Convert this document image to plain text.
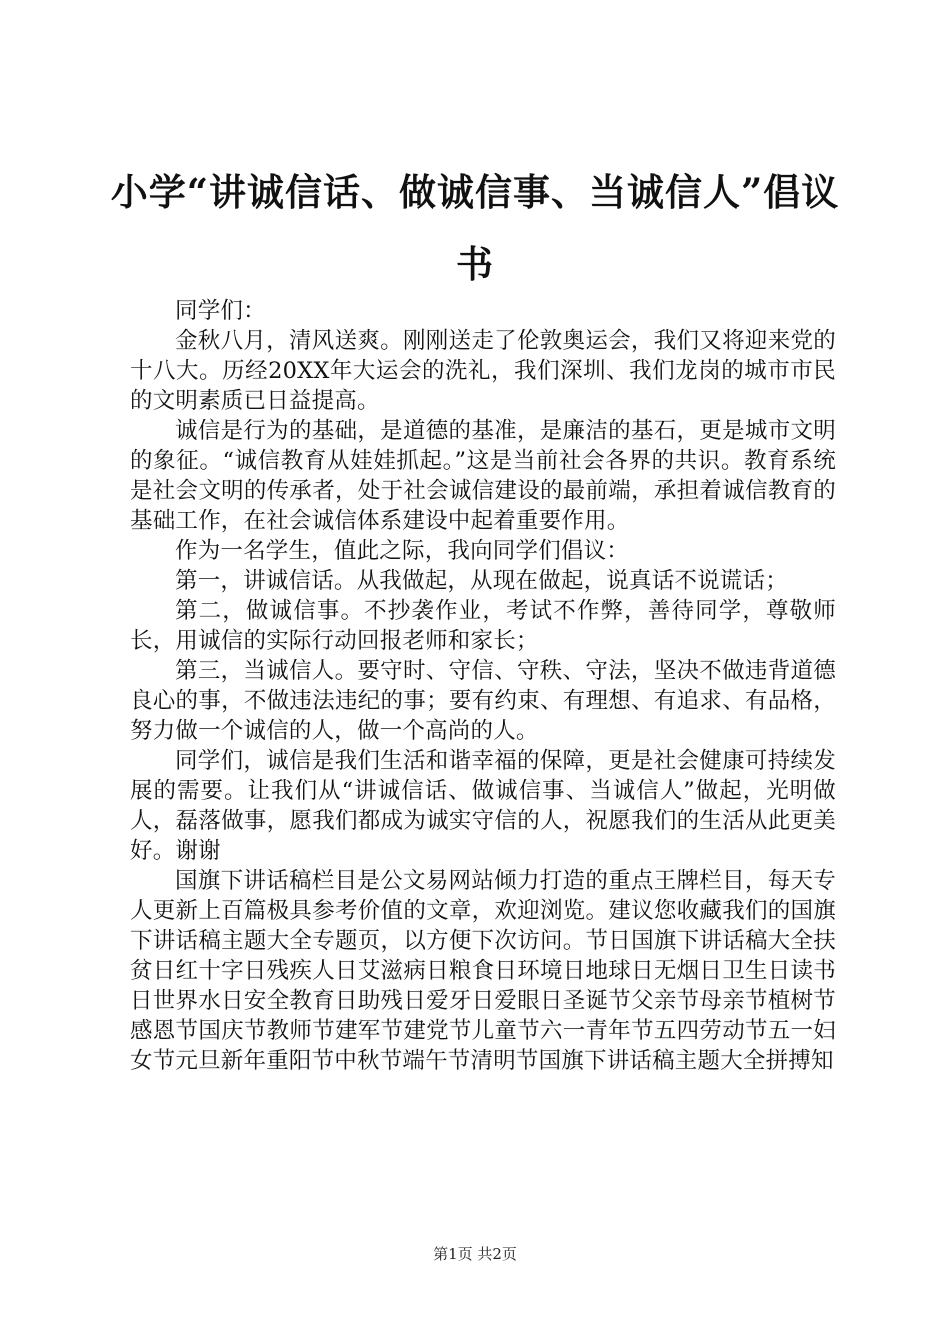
小学“讲诚信话、做诚信事、当诚信人”倡议书

同学们：

金秋八月，清风送爽。刚刚送走了伦敦奥运会，我们又将迎来党的十八大。历经20XX年大运会的洗礼，我们深圳、我们龙岗的城市市民的文明素质已日益提高。

诚信是行为的基础，是道德的基准，是廉洁的基石，更是城市文明的象征。“诚信教育从娃娃抓起。”这是当前社会各界的共识。教育系统是社会文明的传承者，处于社会诚信建设的最前端，承担着诚信教育的基础工作，在社会诚信体系建设中起着重要作用。

作为一名学生，值此之际，我向同学们倡议：

第一，讲诚信话。从我做起，从现在做起，说真话不说谎话；

第二，做诚信事。不抄袭作业，考试不作弊，善待同学，尊敬师长，用诚信的实际行动回报老师和家长；

第三，当诚信人。要守时、守信、守秩、守法，坚决不做违背道德良心的事，不做违法违纪的事；要有约束、有理想、有追求、有品格，努力做一个诚信的人，做一个高尚的人。

同学们，诚信是我们生活和谐幸福的保障，更是社会健康可持续发展的需要。让我们从“讲诚信话、做诚信事、当诚信人”做起，光明做人，磊落做事，愿我们都成为诚实守信的人，祝愿我们的生活从此更美好。谢谢

国旗下讲话稿栏目是公文易网站倾力打造的重点王牌栏目，每天专人更新上百篇极具参考价值的文章，欢迎浏览。建议您收藏我们的国旗下讲话稿主题大全专题页，以方便下次访问。节日国旗下讲话稿大全扶贫日红十字日残疾人日艾滋病日粮食日环境日地球日无烟日卫生日读书日世界水日安全教育日助残日爱牙日爱眼日圣诞节父亲节母亲节植树节感恩节国庆节教师节建军节建党节儿童节六一青年节五四劳动节五一妇女节元旦新年重阳节中秋节端午节清明节国旗下讲话稿主题大全拼搏知

第1页 共2页
